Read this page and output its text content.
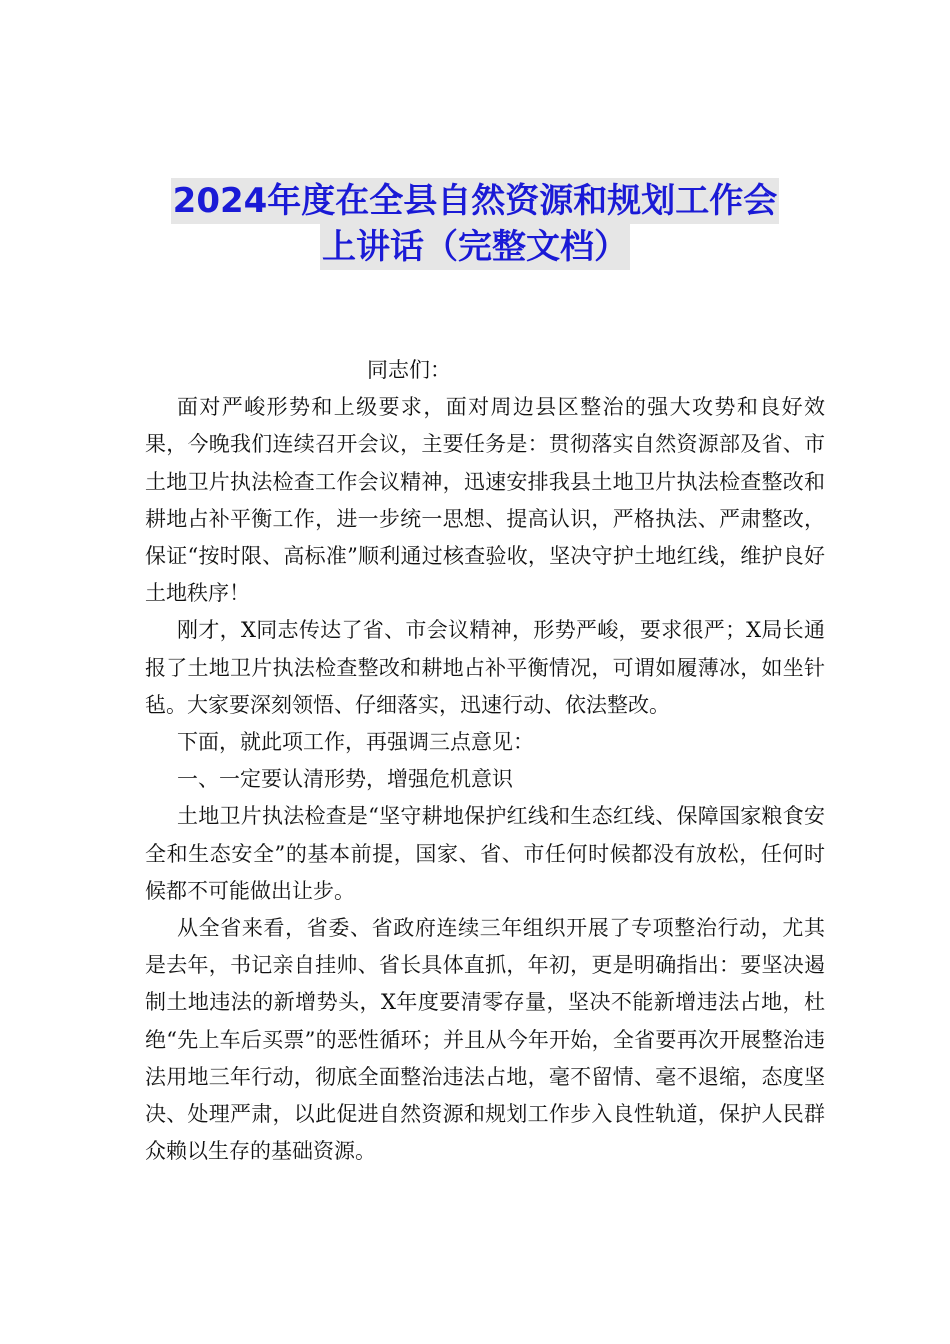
2024年度在全县自然资源和规划工作会
上讲话（完整文档）

同志们：

面对严峻形势和上级要求，面对周边县区整治的强大攻势和良好效果，今晚我们连续召开会议，主要任务是：贯彻落实自然资源部及省、市土地卫片执法检查工作会议精神，迅速安排我县土地卫片执法检查整改和耕地占补平衡工作，进一步统一思想、提高认识，严格执法、严肃整改，保证“按时限、高标准”顺利通过核查验收，坚决守护土地红线，维护良好土地秩序！

刚才，X同志传达了省、市会议精神，形势严峻，要求很严；X局长通报了土地卫片执法检查整改和耕地占补平衡情况，可谓如履薄冰，如坐针毡。大家要深刻领悟、仔细落实，迅速行动、依法整改。

下面，就此项工作，再强调三点意见：

一、一定要认清形势，增强危机意识

土地卫片执法检查是“坚守耕地保护红线和生态红线、保障国家粮食安全和生态安全”的基本前提，国家、省、市任何时候都没有放松，任何时候都不可能做出让步。

从全省来看，省委、省政府连续三年组织开展了专项整治行动，尤其是去年，书记亲自挂帅、省长具体直抓，年初，更是明确指出：要坚决遏制土地违法的新增势头，X年度要清零存量，坚决不能新增违法占地，杜绝“先上车后买票”的恶性循环；并且从今年开始，全省要再次开展整治违法用地三年行动，彻底全面整治违法占地，毫不留情、毫不退缩，态度坚决、处理严肃，以此促进自然资源和规划工作步入良性轨道，保护人民群众赖以生存的基础资源。
